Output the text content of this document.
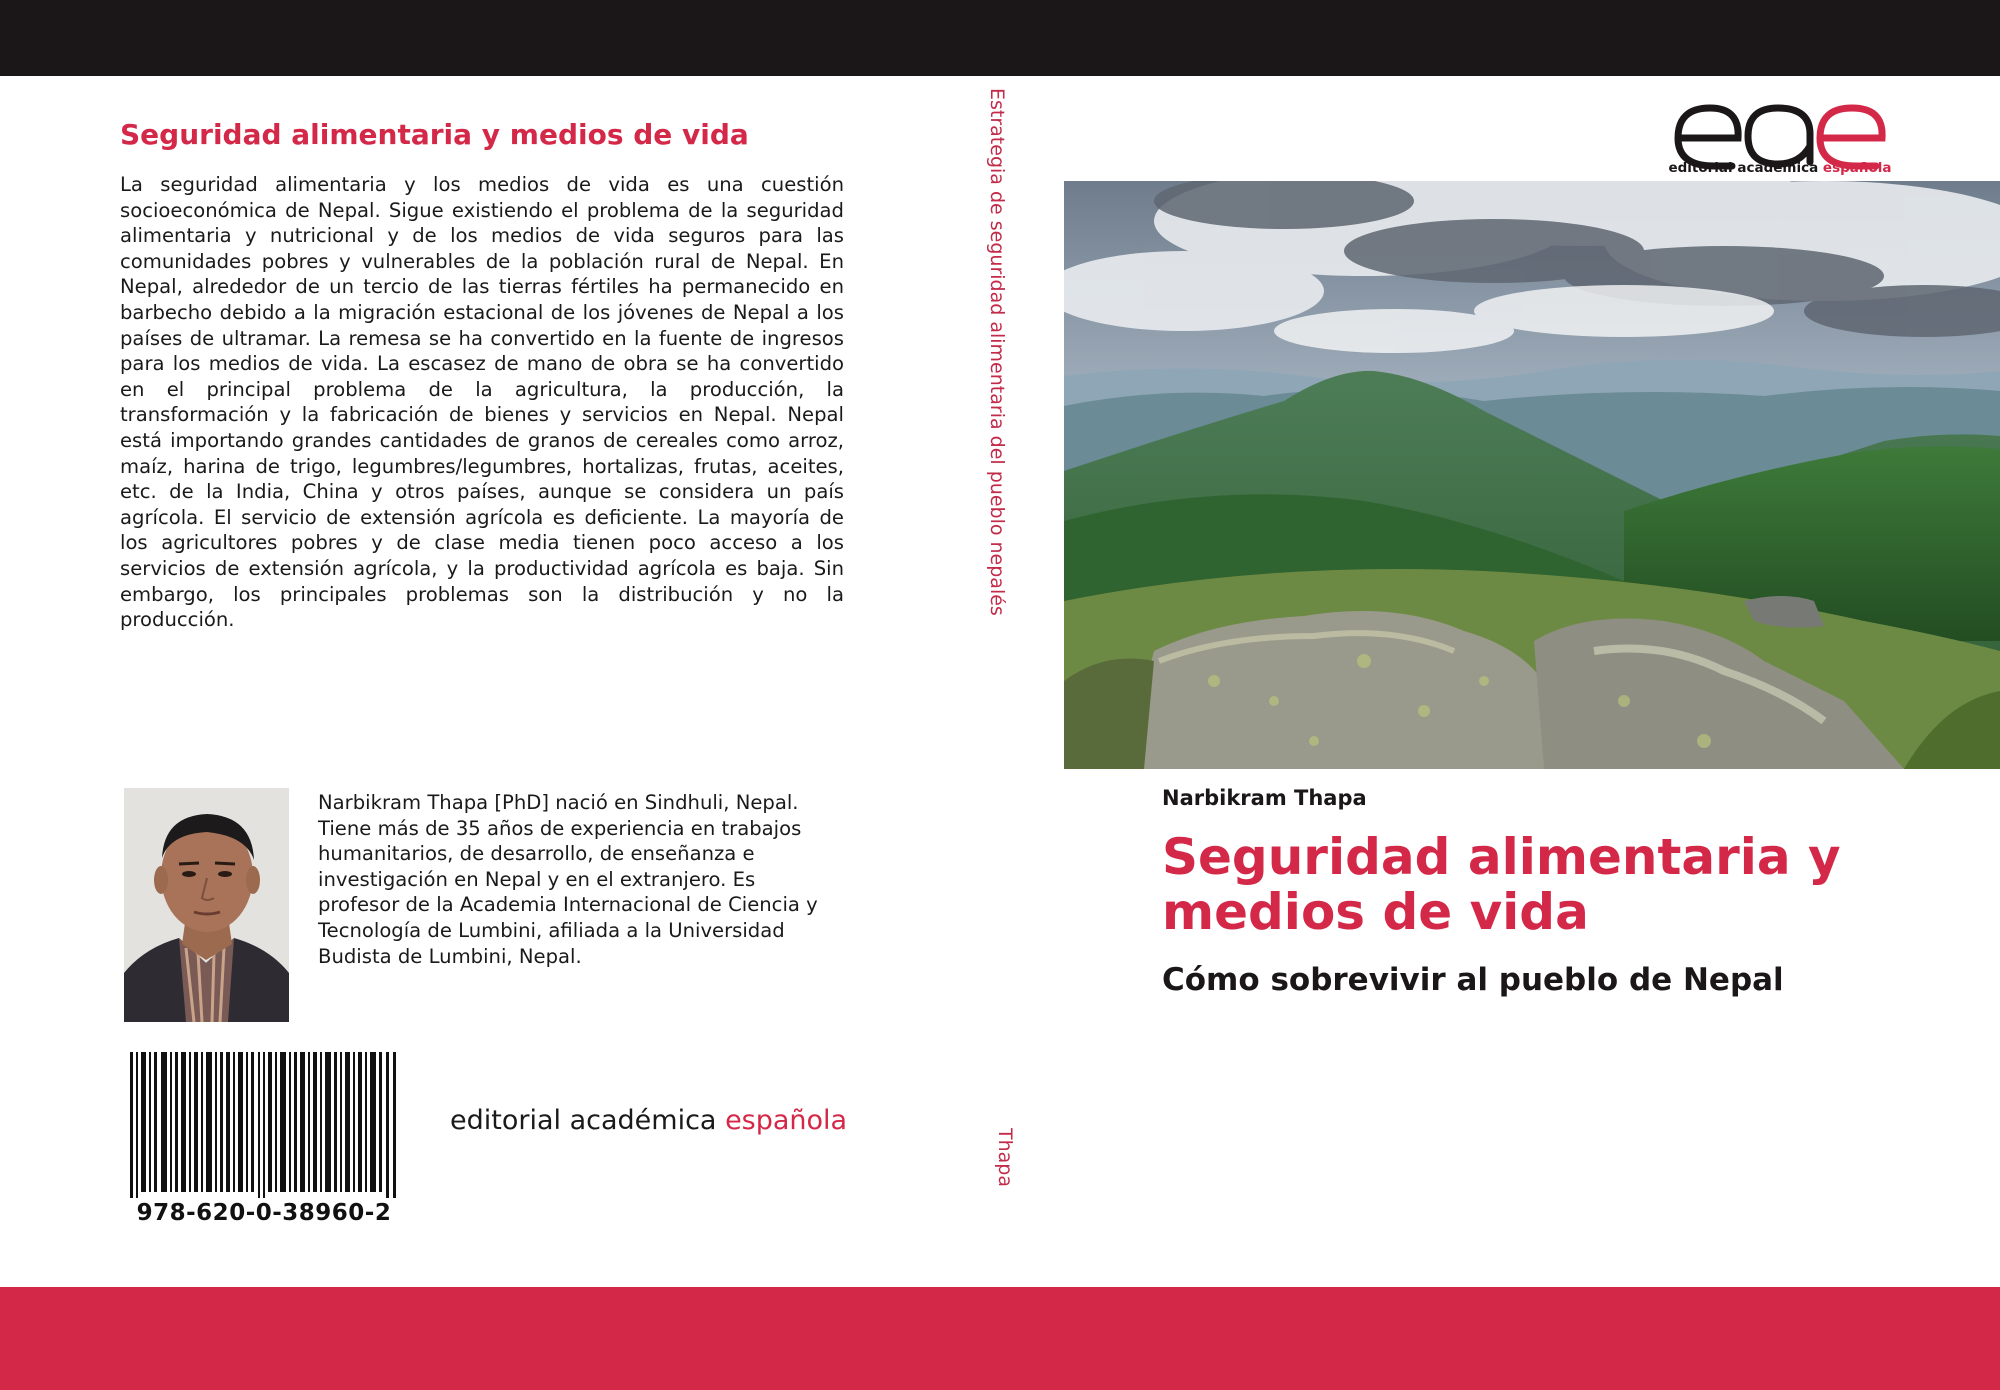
Seguridad alimentaria y medios de vida

La seguridad alimentaria y los medios de vida es una cuestión socioeconómica de Nepal. Sigue existiendo el problema de la seguridad alimentaria y nutricional y de los medios de vida seguros para las comunidades pobres y vulnerables de la población rural de Nepal. En Nepal, alrededor de un tercio de las tierras fértiles ha permanecido en barbecho debido a la migración estacional de los jóvenes de Nepal a los países de ultramar. La remesa se ha convertido en la fuente de ingresos para los medios de vida. La escasez de mano de obra se ha convertido en el principal problema de la agricultura, la producción, la transformación y la fabricación de bienes y servicios en Nepal. Nepal está importando grandes cantidades de granos de cereales como arroz, maíz, harina de trigo, legumbres/legumbres, hortalizas, frutas, aceites, etc. de la India, China y otros países, aunque se considera un país agrícola. El servicio de extensión agrícola es deficiente. La mayoría de los agricultores pobres y de clase media tienen poco acceso a los servicios de extensión agrícola, y la productividad agrícola es baja. Sin embargo, los principales problemas son la distribución y no la producción.

Narbikram Thapa [PhD] nació en Sindhuli, Nepal. Tiene más de 35 años de experiencia en trabajos humanitarios, de desarrollo, de enseñanza e investigación en Nepal y en el extranjero. Es profesor de la Academia Internacional de Ciencia y Tecnología de Lumbini, afiliada a la Universidad Budista de Lumbini, Nepal.

978-620-0-38960-2
editorial académica española
Estrategia de seguridad alimentaria del pueblo nepalés
Thapa
editorial académica española
Narbikram Thapa
Seguridad alimentaria y medios de vida
Cómo sobrevivir al pueblo de Nepal
